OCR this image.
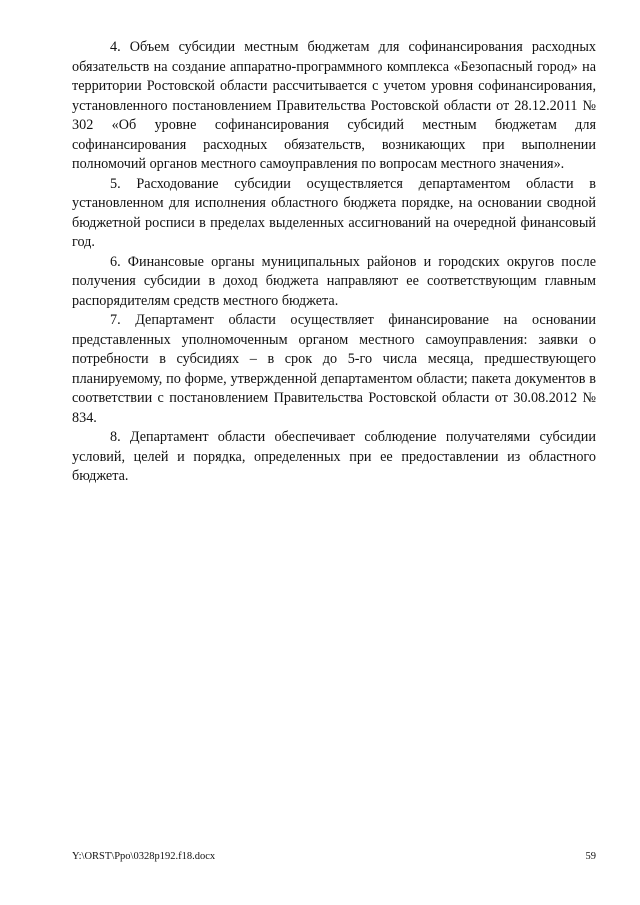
4. Объем субсидии местным бюджетам для софинансирования расходных обязательств на создание аппаратно-программного комплекса «Безопасный город» на территории Ростовской области рассчитывается с учетом уровня софинансирования, установленного постановлением Правительства Ростовской области от 28.12.2011 № 302 «Об уровне софинансирования субсидий местным бюджетам для софинансирования расходных обязательств, возникающих при выполнении полномочий органов местного самоуправления по вопросам местного значения».

5. Расходование субсидии осуществляется департаментом области в установленном для исполнения областного бюджета порядке, на основании сводной бюджетной росписи в пределах выделенных ассигнований на очередной финансовый год.

6. Финансовые органы муниципальных районов и городских округов после получения субсидии в доход бюджета направляют ее соответствующим главным распорядителям средств местного бюджета.

7. Департамент области осуществляет финансирование на основании представленных уполномоченным органом местного самоуправления: заявки о потребности в субсидиях – в срок до 5-го числа месяца, предшествующего планируемому, по форме, утвержденной департаментом области; пакета документов в соответствии с постановлением Правительства Ростовской области от 30.08.2012 № 834.

8. Департамент области обеспечивает соблюдение получателями субсидии условий, целей и порядка, определенных при ее предоставлении из областного бюджета.

Y:\ORST\Ppo\0328p192.f18.docx	59
